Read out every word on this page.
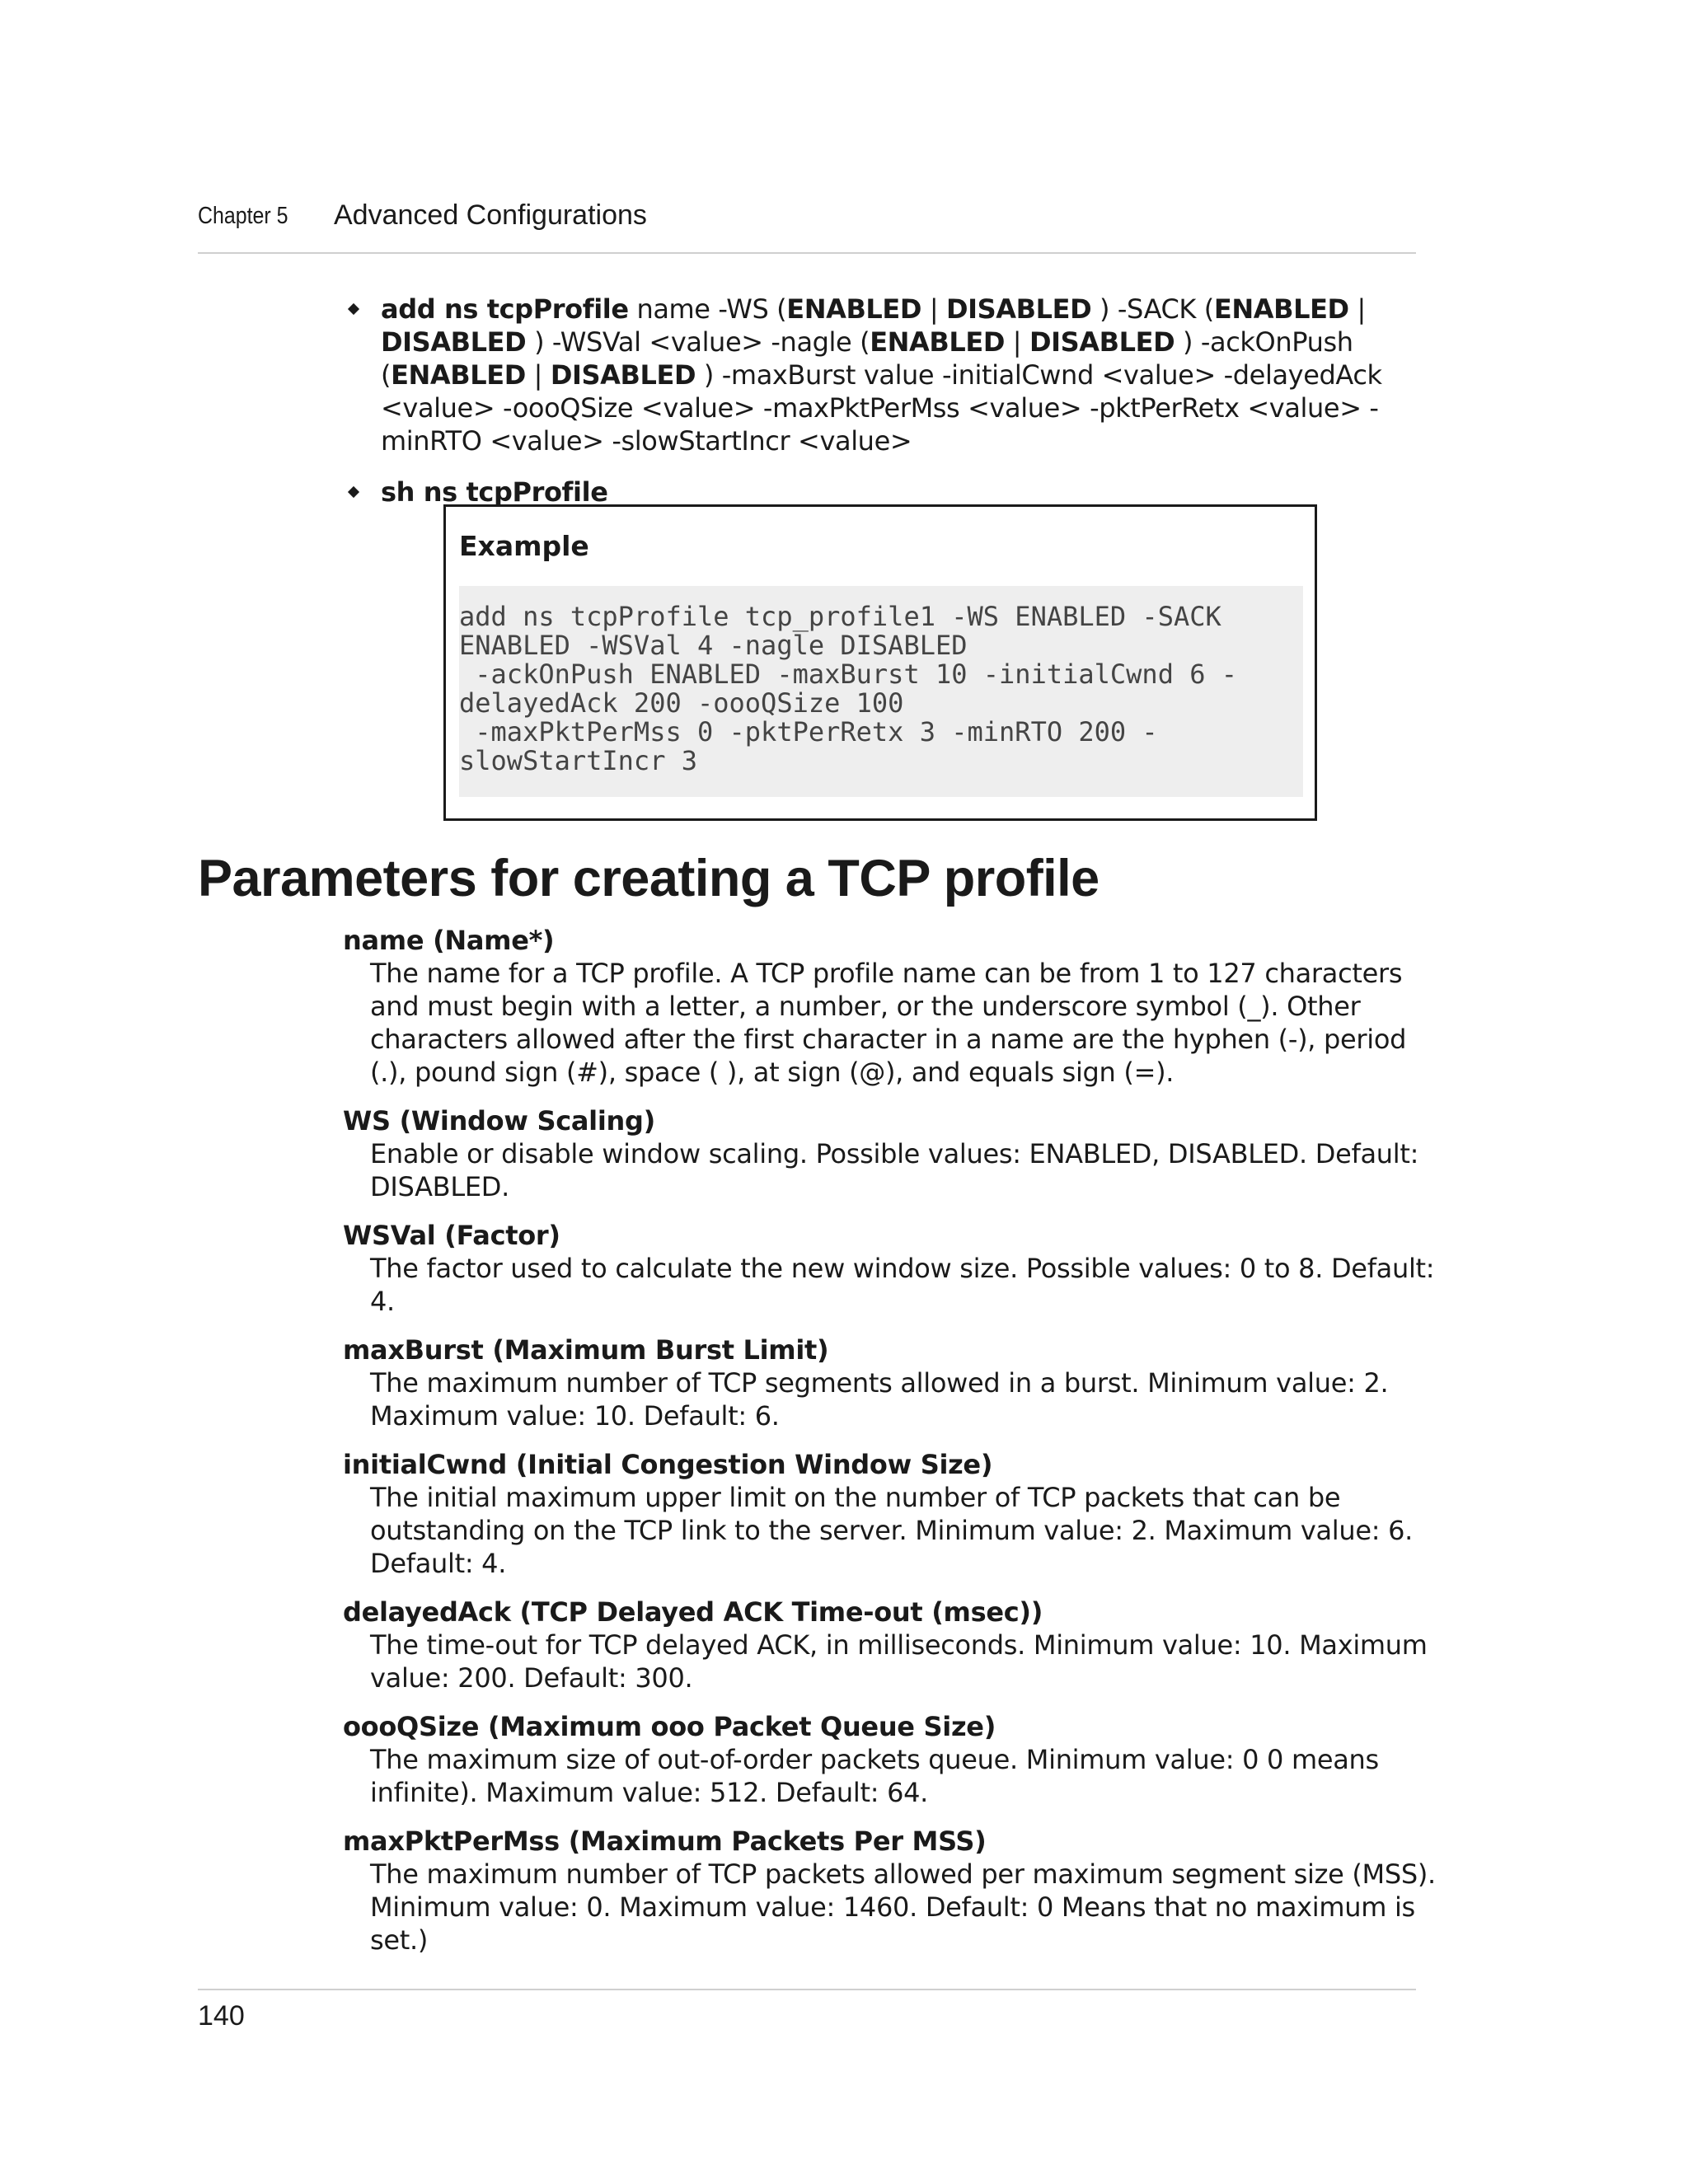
Chapter 5 Advanced Configurations
add ns tcpProfile name -WS (ENABLED | DISABLED ) -SACK (ENABLED | DISABLED ) -WSVal <value> -nagle (ENABLED | DISABLED ) -ackOnPush (ENABLED | DISABLED ) -maxBurst value -initialCwnd <value> -delayedAck <value> -oooQSize <value> -maxPktPerMss <value> -pktPerRetx <value> -minRTO <value> -slowStartIncr <value>
sh ns tcpProfile
Example
add ns tcpProfile tcp_profile1 -WS ENABLED -SACK
ENABLED -WSVal 4 -nagle DISABLED
-ackOnPush ENABLED -maxBurst 10 -initialCwnd 6 -
delayedAck 200 -oooQSize 100
-maxPktPerMss 0 -pktPerRetx 3 -minRTO 200 -
slowStartIncr 3
Parameters for creating a TCP profile
name (Name*)
The name for a TCP profile. A TCP profile name can be from 1 to 127 characters and must begin with a letter, a number, or the underscore symbol (_). Other characters allowed after the first character in a name are the hyphen (-), period (.), pound sign (#), space ( ), at sign (@), and equals sign (=).
WS (Window Scaling)
Enable or disable window scaling. Possible values: ENABLED, DISABLED. Default: DISABLED.
WSVal (Factor)
The factor used to calculate the new window size. Possible values: 0 to 8. Default: 4.
maxBurst (Maximum Burst Limit)
The maximum number of TCP segments allowed in a burst. Minimum value: 2. Maximum value: 10. Default: 6.
initialCwnd (Initial Congestion Window Size)
The initial maximum upper limit on the number of TCP packets that can be outstanding on the TCP link to the server. Minimum value: 2. Maximum value: 6. Default: 4.
delayedAck (TCP Delayed ACK Time-out (msec))
The time-out for TCP delayed ACK, in milliseconds. Minimum value: 10. Maximum value: 200. Default: 300.
oooQSize (Maximum ooo Packet Queue Size)
The maximum size of out-of-order packets queue. Minimum value: 0 0 means infinite). Maximum value: 512. Default: 64.
maxPktPerMss (Maximum Packets Per MSS)
The maximum number of TCP packets allowed per maximum segment size (MSS). Minimum value: 0. Maximum value: 1460. Default: 0 Means that no maximum is set.)
140
